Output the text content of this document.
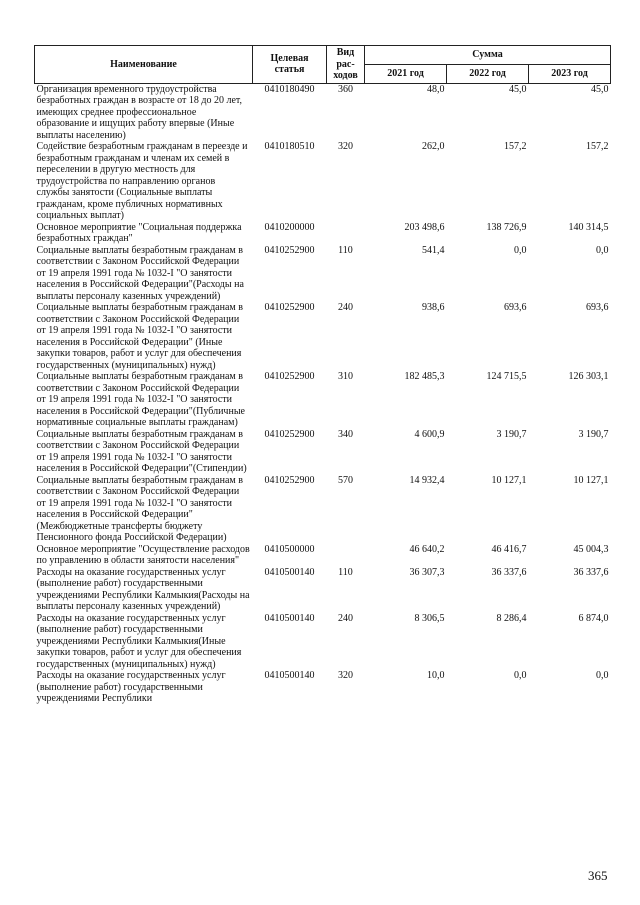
Наименование	Целевая статья	Вид рас-ходов	Сумма		
			2021 год	2022 год	2023 год
Организация временного трудоустройства безработных граждан в возрасте от 18 до 20 лет, имеющих среднее профессиональное образование и ищущих работу впервые (Иные выплаты населению)	0410180490	360	48,0	45,0	45,0
Содействие безработным гражданам в переезде и безработным гражданам и членам их семей в переселении в другую местность для трудоустройства по направлению органов службы занятости (Социальные выплаты гражданам, кроме публичных нормативных социальных выплат)	0410180510	320	262,0	157,2	157,2
Основное мероприятие "Социальная поддержка безработных граждан"	0410200000		203 498,6	138 726,9	140 314,5
Социальные выплаты безработным гражданам в соответствии с Законом Российской Федерации от 19 апреля 1991 года № 1032-I "О занятости населения в Российской Федерации"(Расходы на выплаты персоналу казенных учреждений)	0410252900	110	541,4	0,0	0,0
Социальные выплаты безработным гражданам в соответствии с Законом Российской Федерации от 19 апреля 1991 года № 1032-I "О занятости населения в Российской Федерации" (Иные закупки товаров, работ и услуг для обеспечения государственных (муниципальных) нужд)	0410252900	240	938,6	693,6	693,6
Социальные выплаты безработным гражданам в соответствии с Законом Российской Федерации от 19 апреля 1991 года № 1032-I "О занятости населения в Российской Федерации"(Публичные нормативные социальные выплаты гражданам)	0410252900	310	182 485,3	124 715,5	126 303,1
Социальные выплаты безработным гражданам в соответствии с Законом Российской Федерации от 19 апреля 1991 года № 1032-I "О занятости населения в Российской Федерации"(Стипендии)	0410252900	340	4 600,9	3 190,7	3 190,7
Социальные выплаты безработным гражданам в соответствии с Законом Российской Федерации от 19 апреля 1991 года № 1032-I "О занятости населения в Российской Федерации"(Межбюджетные трансферты бюджету Пенсионного фонда Российской Федерации)	0410252900	570	14 932,4	10 127,1	10 127,1
Основное мероприятие "Осуществление расходов по управлению в области занятости населения"	0410500000		46 640,2	46 416,7	45 004,3
Расходы на оказание государственных услуг (выполнение работ) государственными учреждениями Республики Калмыкия(Расходы на выплаты персоналу казенных учреждений)	0410500140	110	36 307,3	36 337,6	36 337,6
Расходы на оказание государственных услуг (выполнение работ) государственными учреждениями Республики Калмыкия(Иные закупки товаров, работ и услуг для обеспечения государственных (муниципальных) нужд)	0410500140	240	8 306,5	8 286,4	6 874,0
Расходы на оказание государственных услуг (выполнение работ) государственными учреждениями Республики	0410500140	320	10,0	0,0	0,0
365
